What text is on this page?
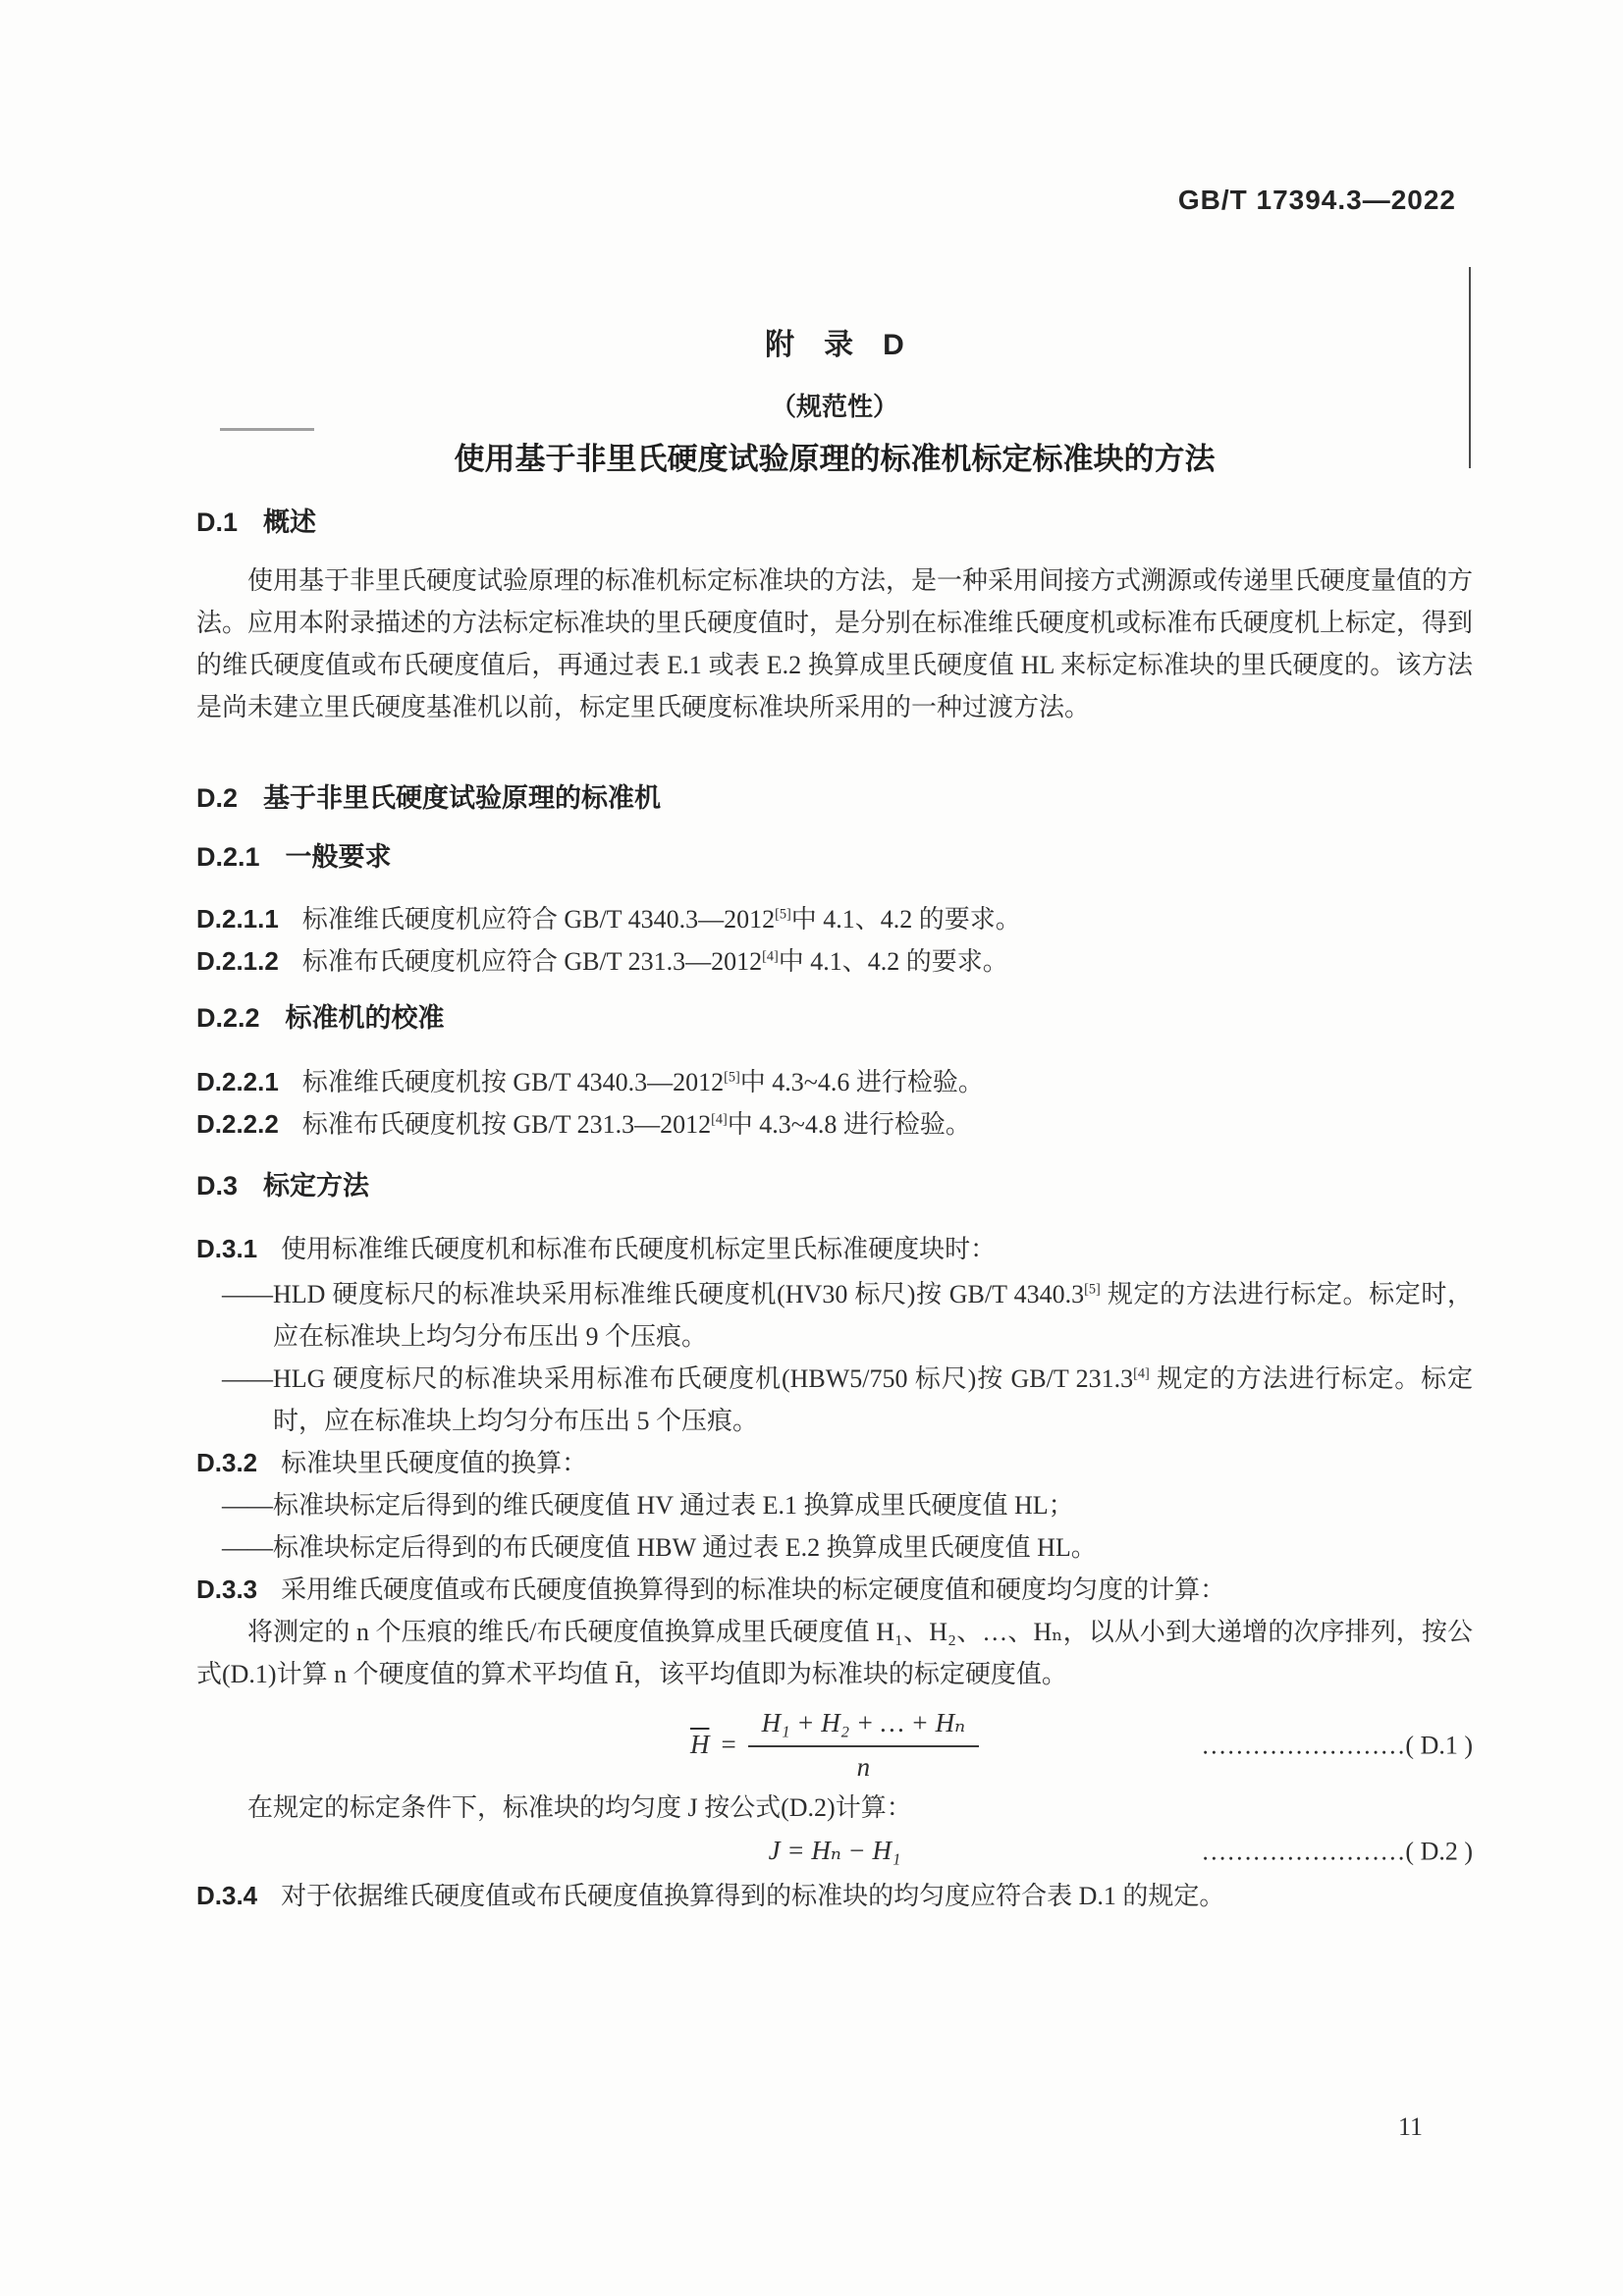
GB/T 17394.3—2022
附　录　D
（规范性）
使用基于非里氏硬度试验原理的标准机标定标准块的方法
D.1 概述

使用基于非里氏硬度试验原理的标准机标定标准块的方法，是一种采用间接方式溯源或传递里氏硬度量值的方法。应用本附录描述的方法标定标准块的里氏硬度值时，是分别在标准维氏硬度机或标准布氏硬度机上标定，得到的维氏硬度值或布氏硬度值后，再通过表 E.1 或表 E.2 换算成里氏硬度值 HL 来标定标准块的里氏硬度的。该方法是尚未建立里氏硬度基准机以前，标定里氏硬度标准块所采用的一种过渡方法。

D.2 基于非里氏硬度试验原理的标准机
D.2.1 一般要求

D.2.1.1 标准维氏硬度机应符合 GB/T 4340.3—2012[5]中 4.1、4.2 的要求。

D.2.1.2 标准布氏硬度机应符合 GB/T 231.3—2012[4]中 4.1、4.2 的要求。

D.2.2 标准机的校准

D.2.2.1 标准维氏硬度机按 GB/T 4340.3—2012[5]中 4.3~4.6 进行检验。

D.2.2.2 标准布氏硬度机按 GB/T 231.3—2012[4]中 4.3~4.8 进行检验。

D.3 标定方法

D.3.1 使用标准维氏硬度机和标准布氏硬度机标定里氏标准硬度块时：

——HLD 硬度标尺的标准块采用标准维氏硬度机(HV30 标尺)按 GB/T 4340.3[5] 规定的方法进行标定。标定时，应在标准块上均匀分布压出 9 个压痕。

——HLG 硬度标尺的标准块采用标准布氏硬度机(HBW5/750 标尺)按 GB/T 231.3[4] 规定的方法进行标定。标定时，应在标准块上均匀分布压出 5 个压痕。

D.3.2 标准块里氏硬度值的换算：

——标准块标定后得到的维氏硬度值 HV 通过表 E.1 换算成里氏硬度值 HL；

——标准块标定后得到的布氏硬度值 HBW 通过表 E.2 换算成里氏硬度值 HL。

D.3.3 采用维氏硬度值或布氏硬度值换算得到的标准块的标定硬度值和硬度均匀度的计算：

将测定的 n 个压痕的维氏/布氏硬度值换算成里氏硬度值 H₁、H₂、…、Hₙ，以从小到大递增的次序排列，按公式(D.1)计算 n 个硬度值的算术平均值 H̄，该平均值即为标准块的标定硬度值。

$\overline{H} = \frac{\text{H₁ + H₂ + … + Hₙ}}{n}$	……………………( D.1 )

在规定的标定条件下，标准块的均匀度 J 按公式(D.2)计算：

J = Hₙ − H₁	……………………( D.2 )

D.3.4 对于依据维氏硬度值或布氏硬度值换算得到的标准块的均匀度应符合表 D.1 的规定。

11
